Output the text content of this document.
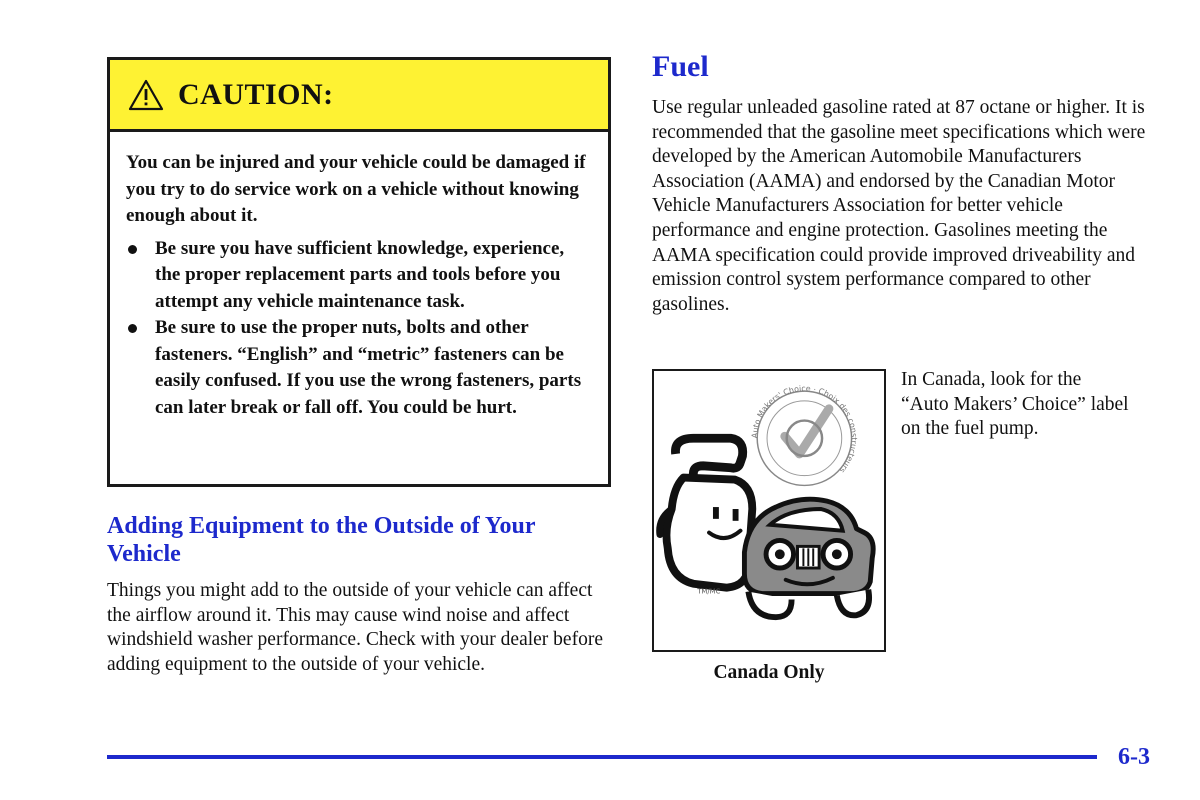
CAUTION:

You can be injured and your vehicle could be damaged if you try to do service work on a vehicle without knowing enough about it.

Be sure you have sufficient knowledge, experience, the proper replacement parts and tools before you attempt any vehicle maintenance task.
Be sure to use the proper nuts, bolts and other fasteners. “English” and “metric” fasteners can be easily confused. If you use the wrong fasteners, parts can later break or fall off. You could be hurt.
Adding Equipment to the Outside of Your Vehicle
Things you might add to the outside of your vehicle can affect the airflow around it. This may cause wind noise and affect windshield washer performance. Check with your dealer before adding equipment to the outside of your vehicle.
Fuel
Use regular unleaded gasoline rated at 87 octane or higher. It is recommended that the gasoline meet specifications which were developed by the American Automobile Manufacturers Association (AAMA) and endorsed by the Canadian Motor Vehicle Manufacturers Association for better vehicle performance and engine protection. Gasolines meeting the AAMA specification could provide improved driveability and emission control system performance compared to other gasolines.
Auto Makers' Choice · Choix des constructeurs
TM/MC
Canada Only
In Canada, look for the “Auto Makers’ Choice” label on the fuel pump.
6-3
